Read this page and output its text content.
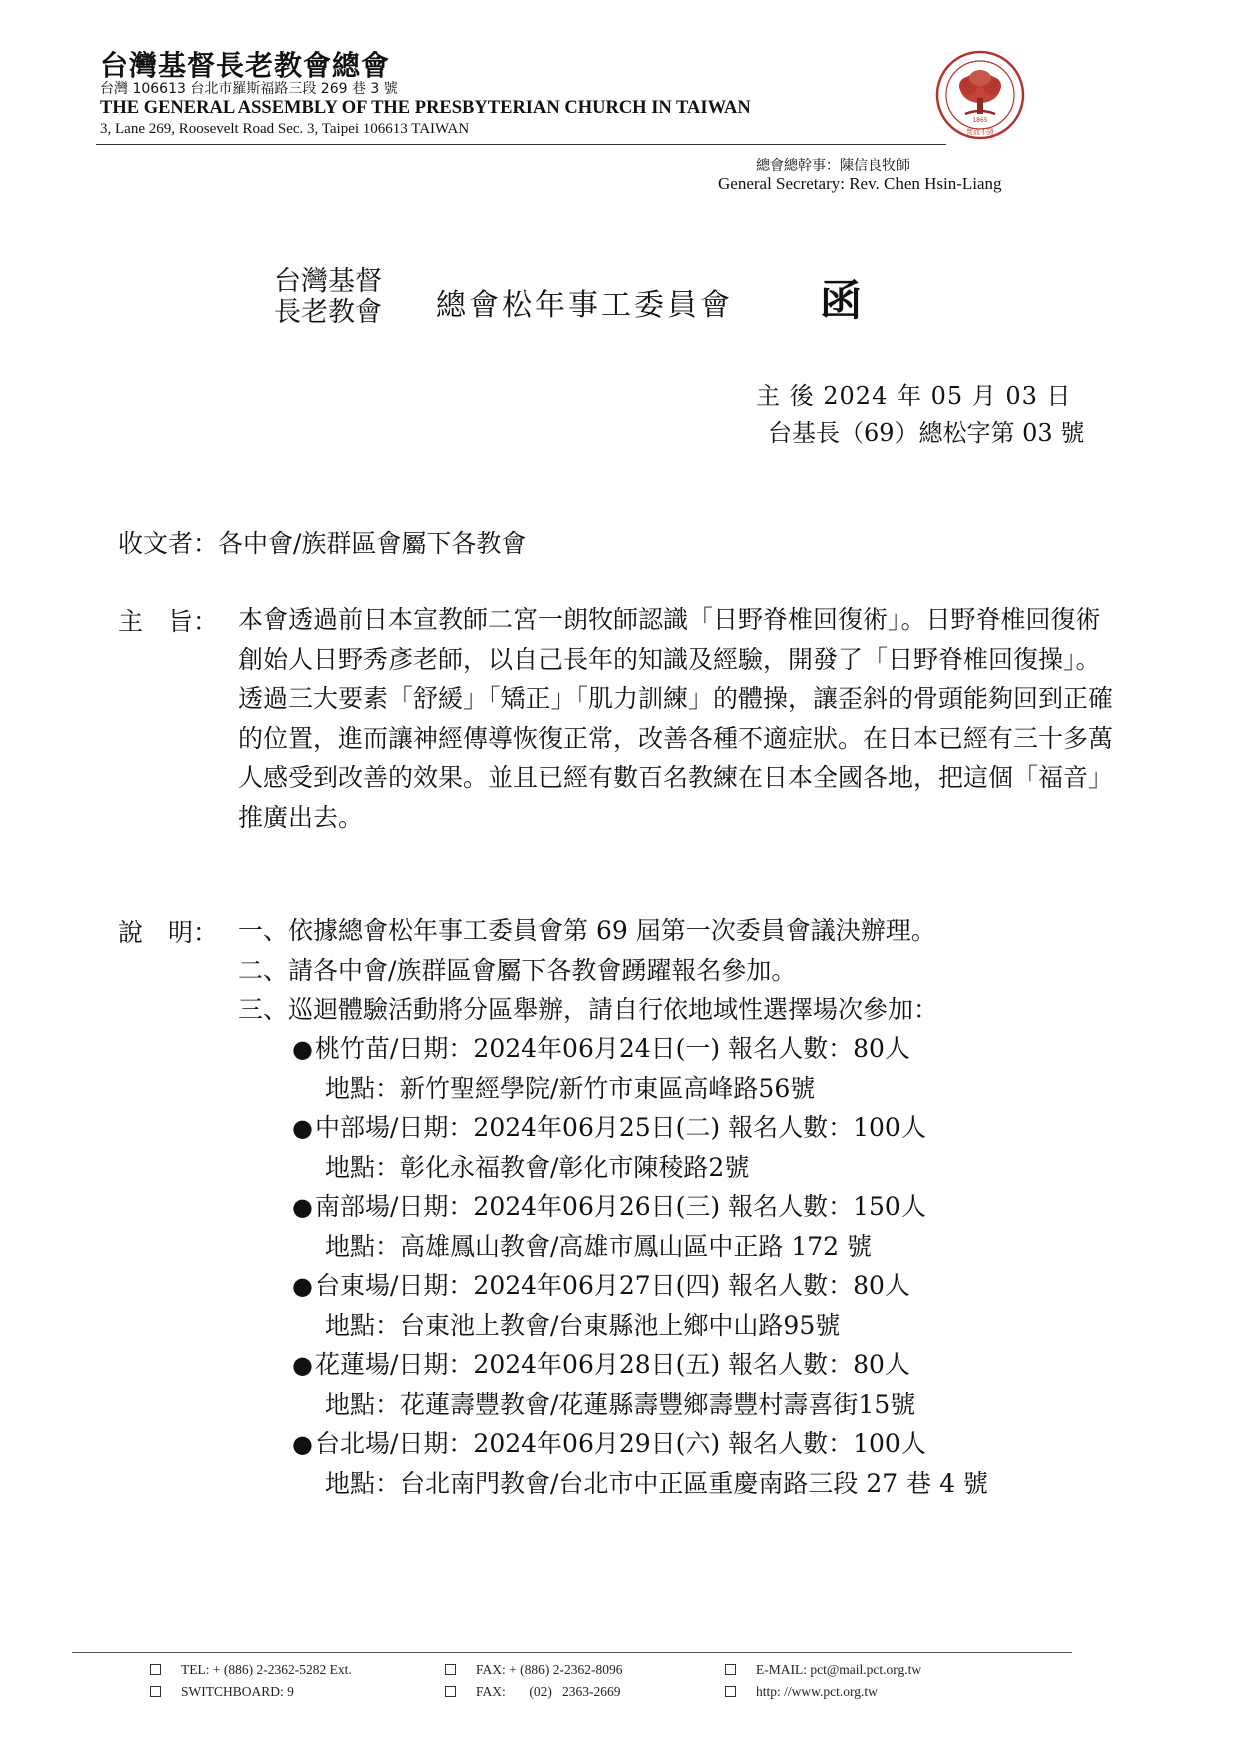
台灣基督長老教會總會
台灣 106613 台北市羅斯福路三段 269 巷 3 號
THE GENERAL ASSEMBLY OF THE PRESBYTERIAN CHURCH IN TAIWAN
3, Lane 269, Roosevelt Road Sec. 3, Taipei 106613 TAIWAN
總會總幹事：陳信良牧師
General Secretary: Rev. Chen Hsin-Liang
1865
焚而不毀
台灣基督
長老教會 總會松年事工委員會 函
主 後 2024 年 05 月 03 日
台基長（69）總松字第 03 號
收文者：各中會/族群區會屬下各教會
主　旨： 本會透過前日本宣教師二宮一朗牧師認識「日野脊椎回復術」。日野脊椎回復術創始人日野秀彥老師，以自己長年的知識及經驗，開發了「日野脊椎回復操」。透過三大要素「舒緩」「矯正」「肌力訓練」的體操，讓歪斜的骨頭能夠回到正確的位置，進而讓神經傳導恢復正常，改善各種不適症狀。在日本已經有三十多萬人感受到改善的效果。並且已經有數百名教練在日本全國各地，把這個「福音」推廣出去。
說　明： 一、依據總會松年事工委員會第 69 屆第一次委員會議決辦理。
二、請各中會/族群區會屬下各教會踴躍報名參加。
三、巡迴體驗活動將分區舉辦，請自行依地域性選擇場次參加：
●桃竹苗/日期：2024年06月24日(一) 報名人數：80人
地點：新竹聖經學院/新竹市東區高峰路56號
●中部場/日期：2024年06月25日(二) 報名人數：100人
地點：彰化永福教會/彰化市陳稜路2號
●南部場/日期：2024年06月26日(三) 報名人數：150人
地點：高雄鳳山教會/高雄市鳳山區中正路 172 號
●台東場/日期：2024年06月27日(四) 報名人數：80人
地點：台東池上教會/台東縣池上鄉中山路95號
●花蓮場/日期：2024年06月28日(五) 報名人數：80人
地點：花蓮壽豐教會/花蓮縣壽豐鄉壽豐村壽喜街15號
●台北場/日期：2024年06月29日(六) 報名人數：100人
地點：台北南門教會/台北市中正區重慶南路三段 27 巷 4 號
TEL: + (886) 2-2362-5282 Ext.
SWITCHBOARD: 9
FAX: + (886) 2-2362-8096
FAX:       (02)   2363-2669
E-MAIL: pct@mail.pct.org.tw
http: //www.pct.org.tw
